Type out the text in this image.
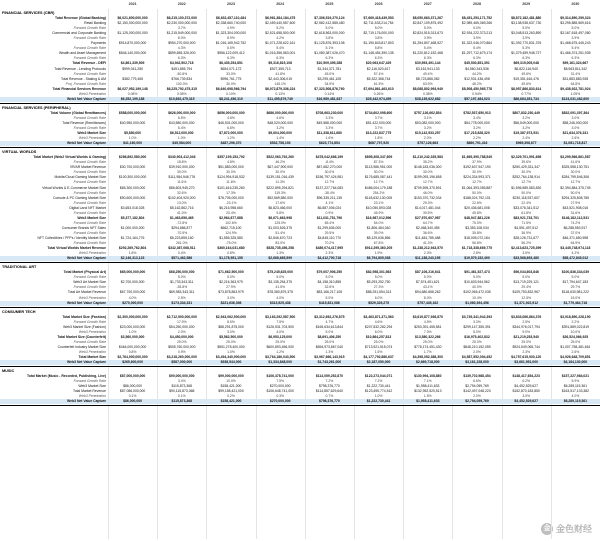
2021	2022	2023	2024	2025	2026	2027	2028	2029	2030
金 金色财经
FINANCIAL SERVICES (CBR)
Total Revenue (Global Banking)	$6,021,600,000,000	$6,215,100,372,000	$6,632,457,110,484	$6,961,384,184,475	$7,306,519,270,124	$7,669,418,439,553	$8,050,663,371,267	$8,451,253,171,752	$8,872,182,481,880	$9,314,890,299,324
Retail Banking	$2,150,000,000,000	$2,230,000,000,000	$2,338,660,740,000	$2,459,440,557,600	$2,582,412,585,480	$2,711,533,214,754	$2,847,109,875,492	$2,989,465,369,266	$3,138,938,637,730	$3,295,885,569,616
Forward Growth Rate	3.7%	4.9%	5.2%	5.0%	5.0%	5.0%	5.0%	5.0%	5.0%
Commercial and Corporate Banking	$1,125,000,000,000	$1,215,549,000,000	$1,323,304,000,000	$2,521,658,500,000	$2,618,563,000,000	$2,719,176,000,000	$2,824,515,313,673	$2,934,222,373,213	$3,048,513,263,890	$3,167,618,497,080
Forward Growth Rate	8.0%	8.9%	4.2%	3.8%	3.8%	3.9%	3.9%	3.9%	3.9%
Payments	$914,870,000,000	$954,270,000,000	$1,016,165,942,752	$1,071,228,622,161	$1,125,876,393,108	$1,190,843,817,803	$1,254,807,468,527	$1,322,046,070,864	$1,392,770,831,376	$1,468,675,445,243
Forward Growth Rate	4.3%	6.5%	5.4%	5.1%	5.8%	5.4%	5.4%	5.3%	5.4%
Wealth and Asset Management	$846,140,000,000	$899,655,326,000	$956,122,009,412	$1,016,356,563,001	$1,080,387,026,470	$1,148,454,390,135	$1,220,812,152,468	$1,297,712,679,174	$1,379,459,948,727	$1,466,374,251,935
Forward Growth Rate	6.3%	6.3%	6.3%	6.3%	6.3%	6.3%	6.3%	6.3%	6.3%
Total Revenue - DEFI	$4,861,339,509	$4,942,502,718	$6,435,254,851	$9,316,819,108	$10,509,395,288	$20,063,647,429	$30,593,491,144	$45,530,851,391	$69,315,005,048	$99,161,324,667
Total Revenue - Lending Protocols	$999,041,280	$491,855,794	$654,071,172	$927,355,713	$1,344,371,781	$2,116,520,617	$3,161,941,133	$4,560,343,536	$6,822,116,940	$8,963,811,342
Forward Growth Rate	-50.8%	33.0%	41.8%	45.0%	57.4%	49.4%	44.2%	49.6%	31.4%
Total Revenue - Staking & AM	$382,779,465	$766,739,834	$996,761,775	$2,443,306,015	$3,295,461,105	$5,322,368,744	$8,723,886,082	$12,931,436,498	$19,351,616,476	$31,883,883,928
Proj. Forward Growth Rate	100.3%	30.0%	145.1%	34.9%	61.5%	63.9%	48.2%	49.6%	64.8%
Total Financial Services Revenue	$6,027,952,199,148	$6,225,792,475,315	$6,640,698,566,794	$6,972,879,336,224	$7,323,508,876,760	$7,694,861,463,610	$8,088,802,993,949	$8,508,450,565,778	$8,957,866,833,614	$9,438,922,781,924
Web3 Penetration	0.08%	0.08%	0.10%	0.13%	0.14%	0.26%	0.38%	0.54%	0.77%	1.05%
Web3 Net Value Capture	$6,352,199,188	$10,692,475,315	$8,241,456,310	$11,495,879,749	$16,989,481,637	$25,442,974,459	$38,139,622,682	$57,197,484,023	$86,684,351,734	$124,031,482,600
FINANCIAL SERVICES (PERIPHERAL)
Total Volume (Global Remittances)	$588,000,000,000	$626,000,000,000	$656,000,000,000	$686,000,000,000	$708,663,230,000	$734,602,098,600	$757,126,662,854	$782,537,650,913	$807,832,230,449	$832,091,397,364
Forward Growth Rate	6.5%	4.8%	4.6%	3.3%	3.7%	3.1%	3.4%	3.2%	3.0%
Total Revenue (Remittances)	$40,950,000,000	$43,580,000,000	$46,531,000,000	$48,020,000,000	$49,588,000,000	$51,422,000,000	$53,082,000,000	$54,778,000,000	$56,549,000,000	$58,246,000,000
Forward Growth Rate	6.4%	6.8%	3.2%	3.3%	3.7%	3.2%	3.2%	3.2%	3.0%
Web3 Market Size	$5,880,000	$6,512,000,000	$7,872,000,000	$9,604,000,000	$11,338,611,680	$13,222,837,775	$15,142,533,257	$17,215,828,320	$19,387,973,531	$21,634,376,331
Web3 Penetration	1.0%	1.0%	1.2%	1.4%	1.6%	1.8%	2.0%	2.2%	2.4%	2.6%
Web3 Net Value Capture	$41,160,000	$45,584,000	$487,296,370	$532,758,193	$623,774,854	$687,797,920	$757,126,663	$860,791,416	$969,398,677	$1,081,718,817
VIRTUAL WORLDS
Total Market (Web2 Virtual Worlds & Gaming)	$286,892,580,000	$340,903,412,046	$357,199,153,792	$522,063,792,260	$478,042,666,199	$895,308,347,609	$1,210,242,335,583	$1,669,390,788,549	$2,329,701,991,698	$3,299,566,861,587
Forward Growth Rate	18.8%	4.8%	46.2%	-8.4%	87.3%	35.2%	37.9%	39.6%	41.6%
VR/AR Market Revenue	$30,700,000,000	$39,910,000,000	$51,883,000,000	$67,447,900,000	$87,682,270,000	$113,986,951,000	$148,183,036,300	$192,637,947,190	$250,429,331,347	$325,558,130,751
Forward Growth Rate	30.0%	30.0%	30.0%	30.0%	30.0%	30.0%	30.0%	30.0%	30.0%
Mobile/Cloud Gaming Market Size	$100,300,000,000	$111,984,546,776	$124,994,918,532	$139,151,016,439	$156,797,424,981	$176,685,087,441	$199,093,196,658	$224,334,993,371	$252,764,138,914	$284,799,546,306
Forward Growth Rate	11.6%	11.6%	11.3%	12.7%	12.7%	12.7%	12.7%	12.7%	12.7%
Virtual Worlds & E-Commerce Market Size	$65,300,000,000	$86,603,945,270	$101,616,235,260	$222,895,294,821	$137,227,764,083	$486,004,179,188	$709,595,370,591	$1,064,393,055,887	$1,596,589,583,830	$2,394,884,375,745
Forward Growth Rate	32.6%	17.3%	119.3%	-38.4%	254.2%	46.0%	50.0%	50.0%	50.0%
Console & PC Gaming Market Size	$90,600,000,000	$102,404,920,000	$78,705,000,000	$92,569,580,000	$96,335,211,135	$118,632,130,005	$153,370,732,034	$188,024,792,101	$230,118,937,607	$294,325,808,785
Forward Growth Rate	13.0%	-23.1%	17.6%	4.1%	23.1%	29.3%	22.6%	22.4%	27.9%
Digital Land NFT Market	$3,653,018,028	$5,162,862,716	$6,216,958,660	$6,823,466,000	$6,887,006,024	$10,050,893,028	$14,017,481,044	$20,436,681,008	$33,076,341,512	$43,521,908,016
Forward Growth Rate	41.3%	20.4%	9.8%	0.9%	45.9%	39.5%	45.8%	61.8%	31.6%
Web3 Market Size	$5,377,182,804	$1,463,656,465	$2,964,877,888	$6,671,663,998	$11,031,751,796	$16,987,012,596	$27,970,607,987	$48,947,881,226	$83,921,733,701	$146,182,112,531
Forward Growth Rate	-72.8%	102.6%	125.0%	65.4%	54.0%	64.7%	75.0%	71.5%	74.2%
Consumer Brands NFT Sales	$1,000,000,000	$294,686,877	$662,715,100	$1,003,526,375	$1,299,636,000	$1,806,484,040	$2,468,340,455	$3,353,108,034	$4,591,497,512	$6,288,553,917
Forward Growth Rate	-70.5%	124.9%	51.4%	29.5%	39.0%	36.6%	35.8%	36.9%	37.0%
NFT Collectibles / PFPs / Identity Market Size	$1,724,164,776	$6,223,855,160	$1,555,325,580	$2,846,670,723	$4,845,110,770	$8,129,636,856	$11,484,785,488	$18,005,072,184	$28,126,731,677	$46,371,650,598
Forward Growth Rate	261.0%	-75.0%	83.0%	70.2%	67.8%	41.3%	56.8%	56.2%	64.9%
Total Virtual Worlds Market Revenue	$292,269,762,804	$342,367,068,511	$360,164,031,680	$528,735,456,258	$489,074,417,995	$912,295,360,205	$1,238,212,943,570	$1,718,338,669,775	$2,413,623,725,399	$3,445,748,974,118
Web3 Penetration	1.8%	0.4%	0.8%	1.3%	2.3%	1.9%	2.3%	2.8%	3.5%	4.2%
Web3 Net Value Capture	$2,146,313,123	$571,462,586	$1,178,951,155	$2,668,665,599	$4,412,700,718	$6,794,805,038	$11,188,243,195	$19,579,152,490	$33,568,693,480	$58,472,845,012
TRADITIONAL ART
Total Market (Physical Art)	$65,000,000,000	$68,250,000,000	$71,662,500,000	$75,245,625,000	$79,007,906,250	$82,958,301,563	$87,106,216,641	$91,461,527,473	$96,034,603,846	$100,836,334,039
Forward Growth Rate	5.0%	5.0%	5.0%	5.0%	5.0%	5.0%	5.0%	5.0%	5.0%
Web3 Art Market Size	$2,700,000,000	$1,733,343,311	$2,216,363,979	$3,135,254,375	$4,158,310,855	$5,293,252,750	$7,574,451,621	$10,603,944,562	$13,719,229,121	$17,794,647,183
Forward Growth Rate	-35.8%	27.9%	41.5%	32.6%	27.3%	43.1%	40.0%	29.4%	29.7%
Total Art Market Revenue	$67,700,000,000	$69,983,343,311	$73,878,863,979	$78,380,879,375	$83,166,217,105	$88,251,554,313	$94,680,668,262	$102,065,472,035	$109,753,832,967	$118,630,981,222
Web3 Penetration	4.0%	2.5%	3.0%	4.0%	5.0%	6.0%	8.0%	10.4%	12.5%	15.0%
Web3 Net Value Capture	$270,000,000	$173,334,331	$221,636,398	$313,525,438	$415,831,086	$529,325,275	$757,445,162	$1,060,394,456	$1,371,922,912	$1,779,464,718
CONSUMER TECH
Total Market Size (Fashion)	$2,300,000,000,000	$2,712,500,000,000	$2,943,062,500,000	$3,163,292,587,500	$3,312,692,276,875	$3,463,871,371,563	$3,619,877,936,870	$3,739,341,942,393	$3,833,066,864,376	$3,918,890,228,190
Forward Growth Rate	17.9%	8.5%	7.5%	4.7%	4.6%	4.5%	3.3%	2.5%	2.2%
Web3 Market Size (Fashion)	$23,000,000,000	$54,250,000,000	$88,291,875,000	$126,531,703,500	$165,634,613,844	$207,832,282,294	$253,391,455,581	$299,147,355,391	$344,976,017,794	$391,889,022,819
Web3 Penetration	1.0%	2.0%	3.0%	4.0%	5.0%	6.0%	7.0%	8.0%	9.0%	10.0%
Total Market Size (Counterfeit)	$3,560,000,000	$4,450,000,000	$5,562,500,000	$6,953,125,000	$8,691,406,250	$10,864,257,813	$13,580,322,266	$16,975,402,832	$21,219,253,540	$26,524,066,925
Forward Growth Rate	25.0%	25.0%	25.0%	25.0%	25.0%	25.0%	25.0%	25.0%	25.0%
Counterfeit Industry Market Size	$464,000,000,000	$505,760,000,000	$551,278,400,000	$600,893,456,000	$654,973,867,040	$713,921,515,074	$778,174,451,430	$848,210,152,059	$924,549,065,744	$1,007,758,481,661
Web3 Penetration	0.8%	0.9%	1.0%	1.2%	1.3%	1.5%	1.7%	2.0%	2.3%	2.6%
Total Market Size	$2,764,000,000,000	$3,218,260,000,000	$3,494,340,900,000	$3,764,186,043,500	$3,967,666,143,915	$4,177,792,886,637	$4,398,052,388,300	$4,587,552,094,452	$4,757,615,930,120	$4,926,648,709,851
Web3 Net Value Capture	$265,600,000	$587,000,000	$938,544,000	$1,334,848,000	$1,743,261,000	$2,187,050,000	$2,669,718,000	$3,161,228,000	$3,661,951,000	$4,184,130,000
MUSIC
Total Market (Music - Recorded, Publishing, Live)	$87,000,000,000	$90,000,000,000	$99,000,000,000	$106,378,741,000	$114,059,252,870	$122,273,044,071	$130,994,108,880	$139,702,988,454	$148,417,654,223	$157,227,984,021
Forward Growth Rate	3.4%	10.0%	7.5%	7.2%	7.2%	7.1%	6.6%	6.2%	5.9%
Web3 Market Size	$86,000,000	$115,873,368	$158,421,000	$270,000,000	$798,376,770	$1,222,730,441	$1,958,411,633	$2,794,059,769	$4,452,529,627	$6,289,119,361
Total Market Revenue	$87,086,000,000	$90,115,873,368	$99,158,421,000	$106,648,741,000	$114,857,629,640	$123,495,774,512	$132,952,520,513	$142,497,048,223	$152,870,183,850	$163,517,103,382
Web3 Penetration	0.1%	0.1%	0.2%	0.3%	0.7%	1.0%	1.5%	2.0%	3.0%	4.0%
Web3 Net Value Capture	$86,000,000	$115,873,368	$158,421,000	$270,000,000	$798,376,770	$1,222,730,441	$1,958,411,633	$2,794,059,769	$4,452,529,627	$6,289,119,361
